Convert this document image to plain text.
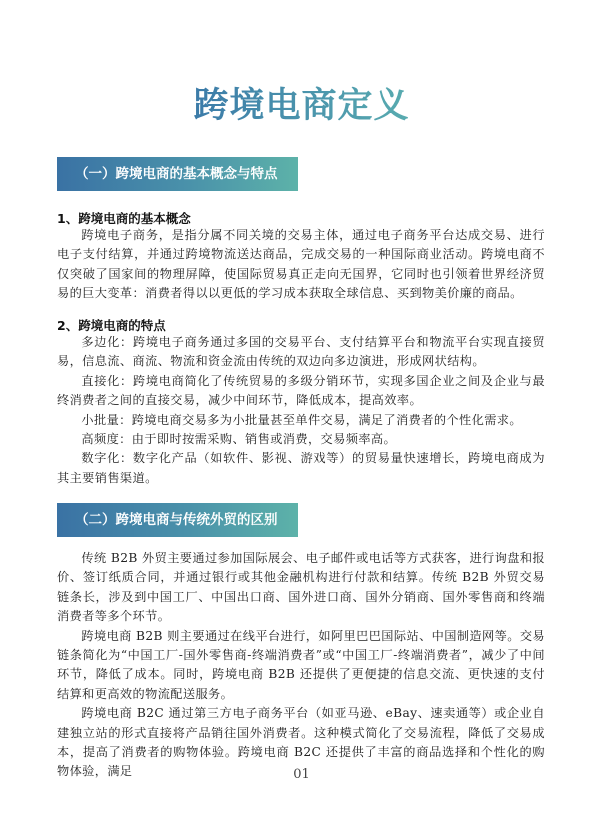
跨境电商定义
（一）跨境电商的基本概念与特点
1、跨境电商的基本概念

跨境电子商务，是指分属不同关境的交易主体，通过电子商务平台达成交易、进行电子支付结算，并通过跨境物流送达商品，完成交易的一种国际商业活动。跨境电商不仅突破了国家间的物理屏障，使国际贸易真正走向无国界，它同时也引领着世界经济贸易的巨大变革：消费者得以以更低的学习成本获取全球信息、买到物美价廉的商品。

2、跨境电商的特点

多边化：跨境电子商务通过多国的交易平台、支付结算平台和物流平台实现直接贸易，信息流、商流、物流和资金流由传统的双边向多边演进，形成网状结构。

直接化：跨境电商简化了传统贸易的多级分销环节，实现多国企业之间及企业与最终消费者之间的直接交易，减少中间环节，降低成本，提高效率。

小批量：跨境电商交易多为小批量甚至单件交易，满足了消费者的个性化需求。

高频度：由于即时按需采购、销售或消费，交易频率高。

数字化：数字化产品（如软件、影视、游戏等）的贸易量快速增长，跨境电商成为其主要销售渠道。

（二）跨境电商与传统外贸的区别

传统 B2B 外贸主要通过参加国际展会、电子邮件或电话等方式获客，进行询盘和报价、签订纸质合同，并通过银行或其他金融机构进行付款和结算。传统 B2B 外贸交易链条长，涉及到中国工厂、中国出口商、国外进口商、国外分销商、国外零售商和终端消费者等多个环节。

跨境电商 B2B 则主要通过在线平台进行，如阿里巴巴国际站、中国制造网等。交易链条简化为“中国工厂-国外零售商-终端消费者”或“中国工厂-终端消费者”，减少了中间环节，降低了成本。同时，跨境电商 B2B 还提供了更便捷的信息交流、更快速的支付结算和更高效的物流配送服务。

跨境电商 B2C 通过第三方电子商务平台（如亚马逊、eBay、速卖通等）或企业自建独立站的形式直接将产品销往国外消费者。这种模式简化了交易流程，降低了交易成本，提高了消费者的购物体验。跨境电商 B2C 还提供了丰富的商品选择和个性化的购物体验，满足	01
